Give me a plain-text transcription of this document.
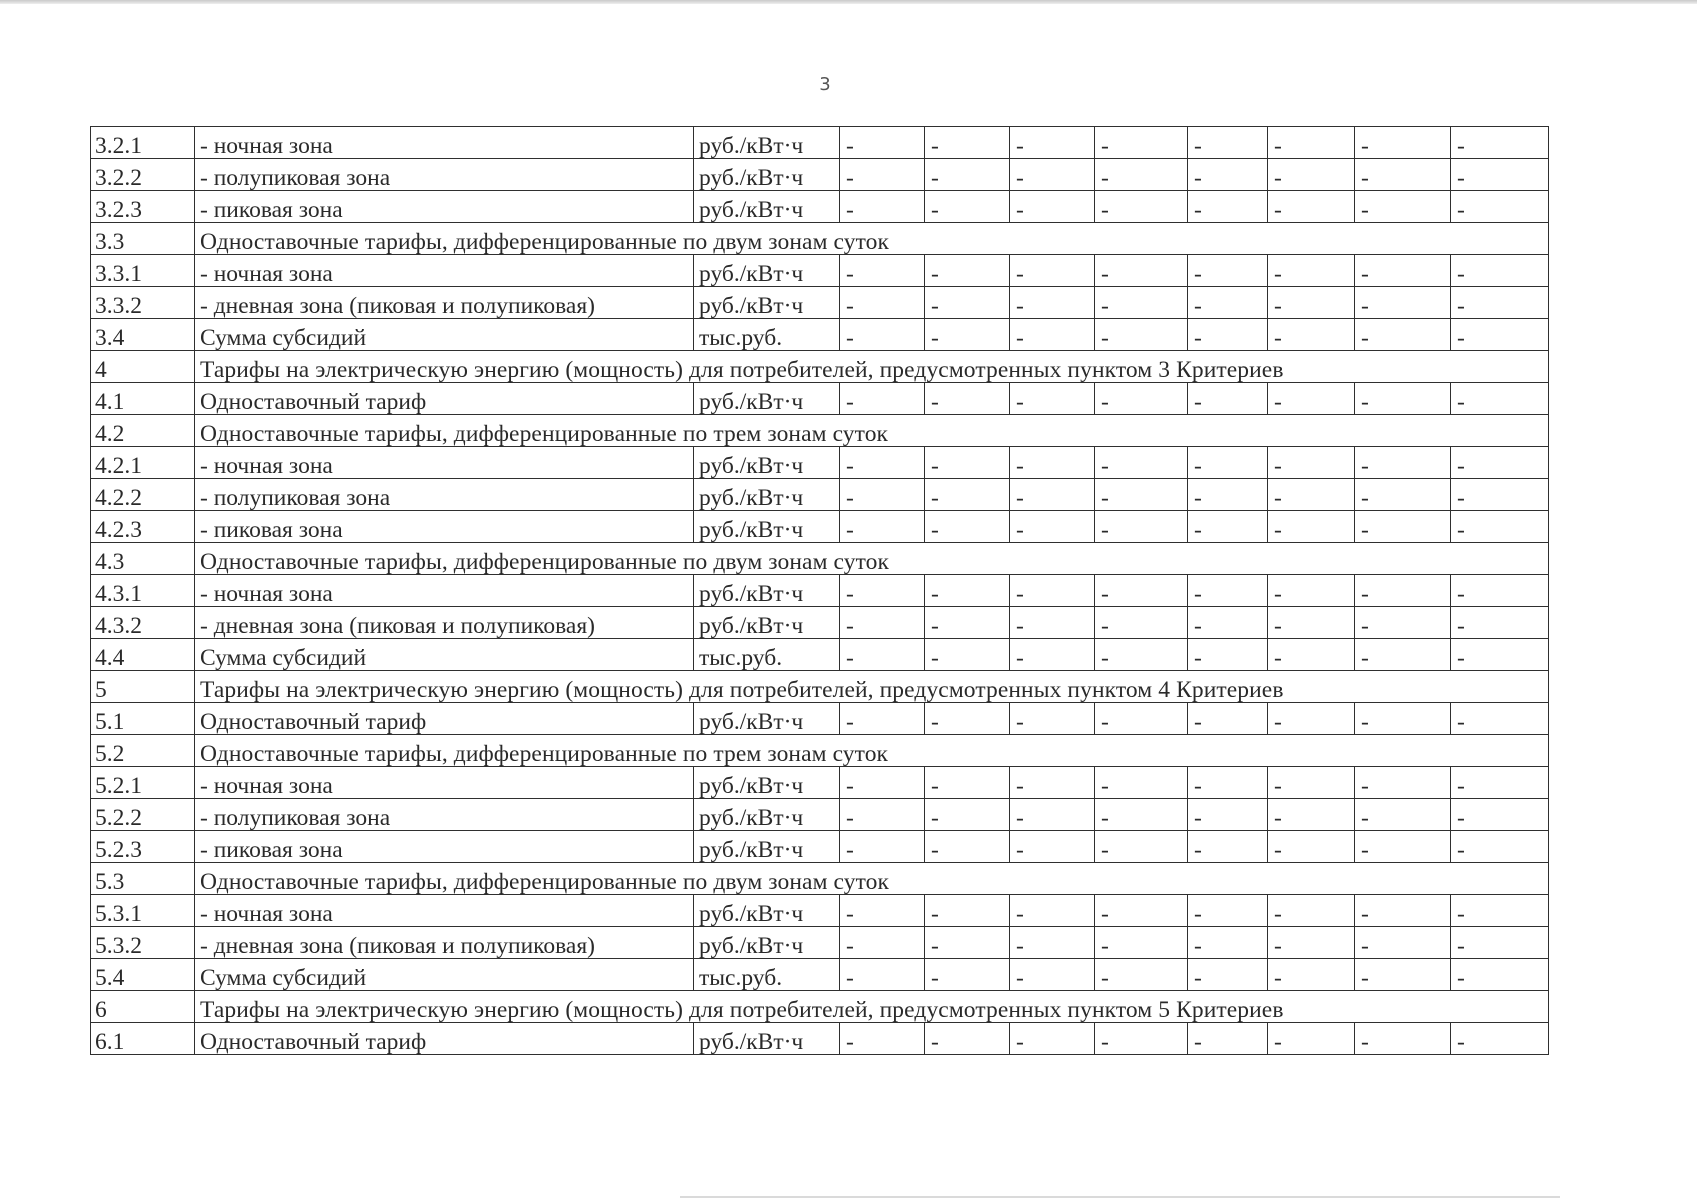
3
3.2.1	- ночная зона	руб./кВт·ч	-	-	-	-	-	-	-	-
3.2.2	- полупиковая зона	руб./кВт·ч	-	-	-	-	-	-	-	-
3.2.3	- пиковая зона	руб./кВт·ч	-	-	-	-	-	-	-	-
3.3	Одноставочные тарифы, дифференцированные по двум зонам суток									
3.3.1	- ночная зона	руб./кВт·ч	-	-	-	-	-	-	-	-
3.3.2	- дневная зона (пиковая и полупиковая)	руб./кВт·ч	-	-	-	-	-	-	-	-
3.4	Сумма субсидий	тыс.руб.	-	-	-	-	-	-	-	-
4	Тарифы на электрическую энергию (мощность) для потребителей, предусмотренных пунктом 3 Критериев									
4.1	Одноставочный тариф	руб./кВт·ч	-	-	-	-	-	-	-	-
4.2	Одноставочные тарифы, дифференцированные по трем зонам суток									
4.2.1	- ночная зона	руб./кВт·ч	-	-	-	-	-	-	-	-
4.2.2	- полупиковая зона	руб./кВт·ч	-	-	-	-	-	-	-	-
4.2.3	- пиковая зона	руб./кВт·ч	-	-	-	-	-	-	-	-
4.3	Одноставочные тарифы, дифференцированные по двум зонам суток									
4.3.1	- ночная зона	руб./кВт·ч	-	-	-	-	-	-	-	-
4.3.2	- дневная зона (пиковая и полупиковая)	руб./кВт·ч	-	-	-	-	-	-	-	-
4.4	Сумма субсидий	тыс.руб.	-	-	-	-	-	-	-	-
5	Тарифы на электрическую энергию (мощность) для потребителей, предусмотренных пунктом 4 Критериев									
5.1	Одноставочный тариф	руб./кВт·ч	-	-	-	-	-	-	-	-
5.2	Одноставочные тарифы, дифференцированные по трем зонам суток									
5.2.1	- ночная зона	руб./кВт·ч	-	-	-	-	-	-	-	-
5.2.2	- полупиковая зона	руб./кВт·ч	-	-	-	-	-	-	-	-
5.2.3	- пиковая зона	руб./кВт·ч	-	-	-	-	-	-	-	-
5.3	Одноставочные тарифы, дифференцированные по двум зонам суток									
5.3.1	- ночная зона	руб./кВт·ч	-	-	-	-	-	-	-	-
5.3.2	- дневная зона (пиковая и полупиковая)	руб./кВт·ч	-	-	-	-	-	-	-	-
5.4	Сумма субсидий	тыс.руб.	-	-	-	-	-	-	-	-
6	Тарифы на электрическую энергию (мощность) для потребителей, предусмотренных пунктом 5 Критериев									
6.1	Одноставочный тариф	руб./кВт·ч	-	-	-	-	-	-	-	-
